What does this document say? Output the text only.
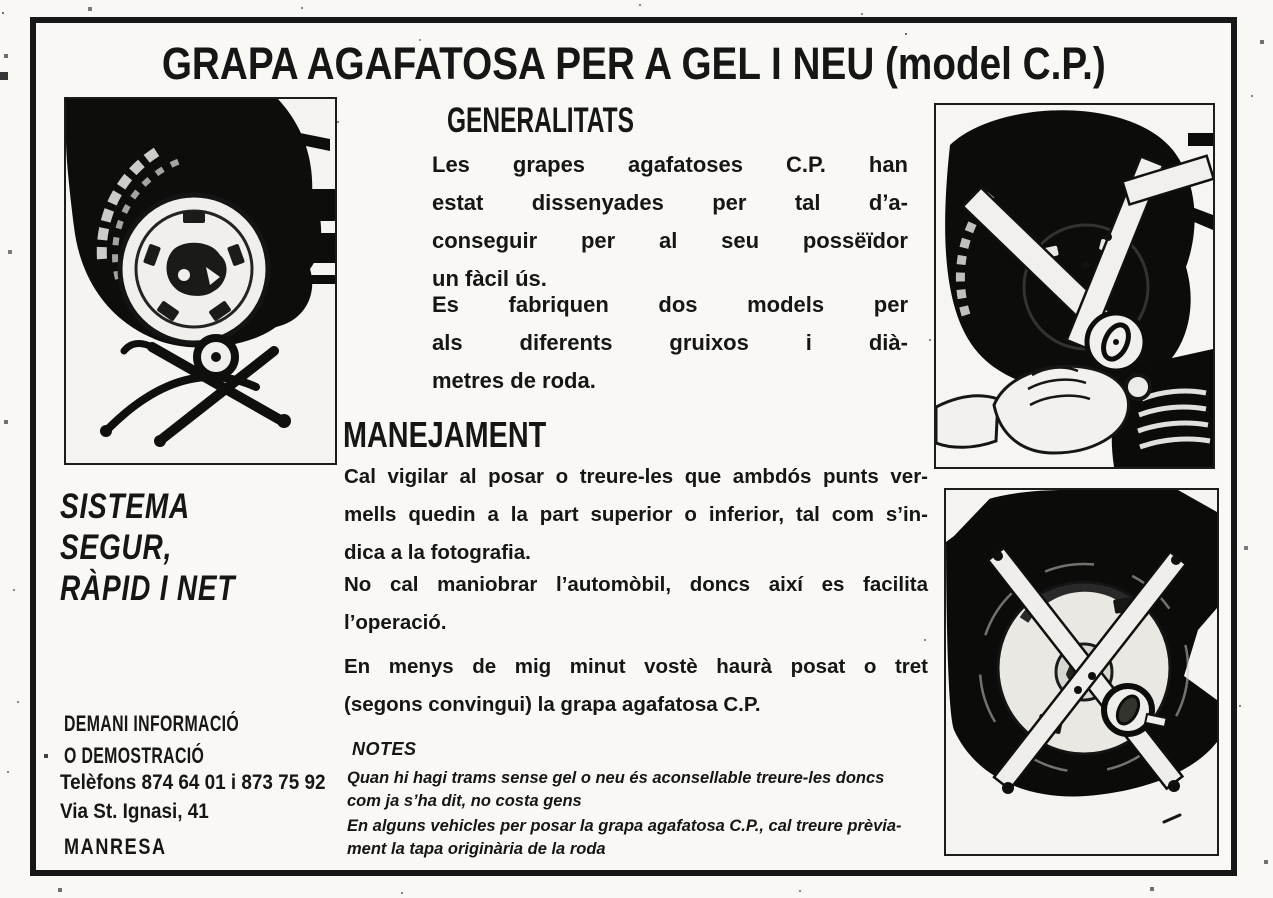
GRAPA AGAFATOSA PER A GEL I NEU (model C.P.)
SISTEMA
SEGUR,
RÀPID I NET
DEMANI INFORMACIÓ
O DEMOSTRACIÓ
Telèfons 874 64 01 i 873 75 92
Via St. Ignasi, 41
MANRESA
GENERALITATS
Les grapes agafatoses C.P. han
estat dissenyades per tal d’a-
conseguir per al seu possëïdor
un fàcil ús.
Es fabriquen dos models per
als diferents gruixos i dià-
metres de roda.
MANEJAMENT
Cal vigilar al posar o treure-les que ambdós punts ver-
mells quedin a la part superior o inferior, tal com s’in-
dica a la fotografia.
No cal maniobrar l’automòbil, doncs així es facilita
l’operació.
En menys de mig minut vostè haurà posat o tret
(segons convingui) la grapa agafatosa C.P.
NOTES
Quan hi hagi trams sense gel o neu és aconsellable treure-les doncs
com ja s’ha dit, no costa gens
En alguns vehicles per posar la grapa agafatosa C.P., cal treure prèvia-
ment la tapa originària de la roda
